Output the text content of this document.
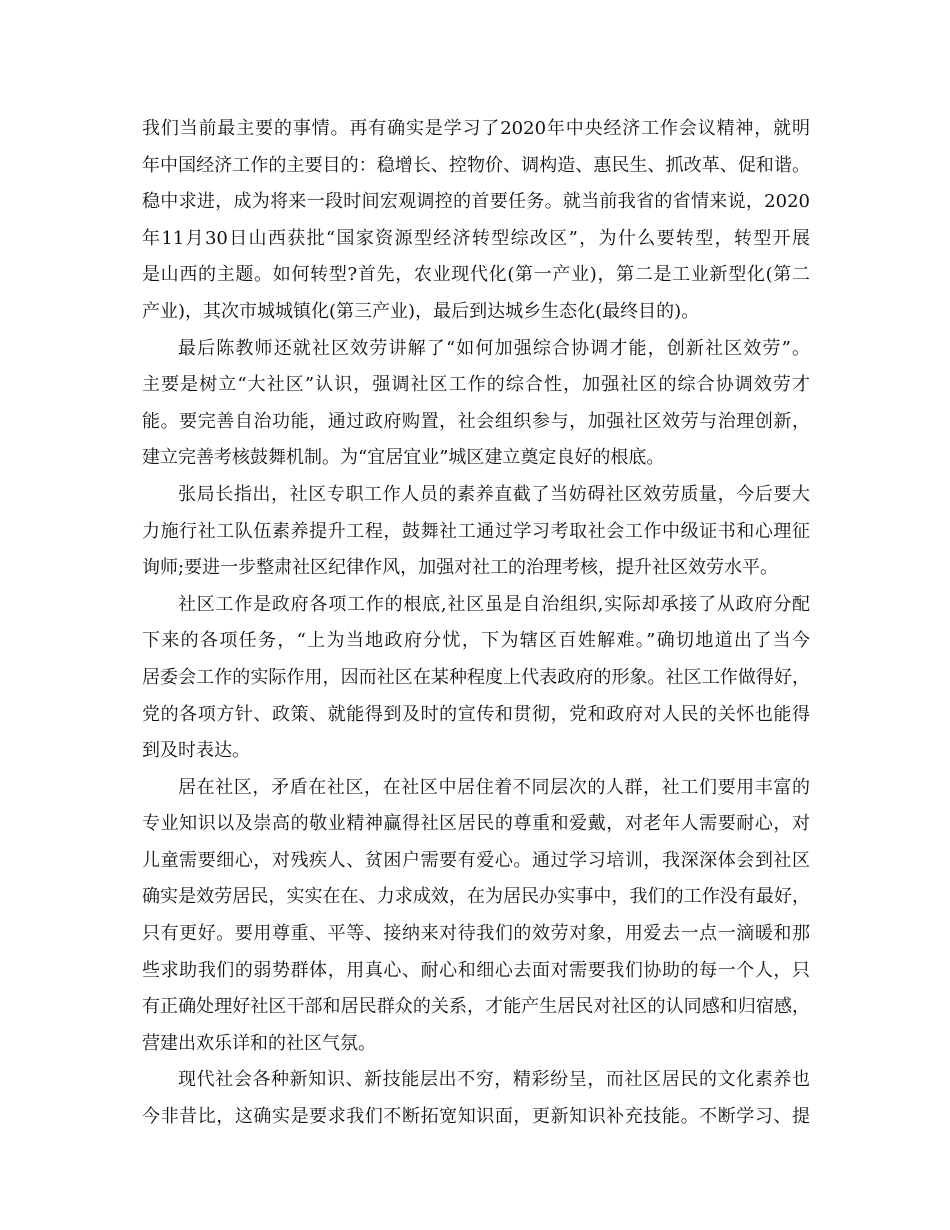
我们当前最主要的事情。再有确实是学习了2020年中央经济工作会议精神，就明
年中国经济工作的主要目的：稳增长、控物价、调构造、惠民生、抓改革、促和谐。
稳中求进，成为将来一段时间宏观调控的首要任务。就当前我省的省情来说，2020
年11月30日山西获批“国家资源型经济转型综改区”，为什么要转型，转型开展
是山西的主题。如何转型?首先，农业现代化(第一产业)，第二是工业新型化(第二
产业)，其次市城城镇化(第三产业)，最后到达城乡生态化(最终目的)。
最后陈教师还就社区效劳讲解了“如何加强综合协调才能，创新社区效劳”。
主要是树立“大社区”认识，强调社区工作的综合性，加强社区的综合协调效劳才
能。要完善自治功能，通过政府购置，社会组织参与，加强社区效劳与治理创新，
建立完善考核鼓舞机制。为“宜居宜业”城区建立奠定良好的根底。
张局长指出，社区专职工作人员的素养直截了当妨碍社区效劳质量，今后要大
力施行社工队伍素养提升工程，鼓舞社工通过学习考取社会工作中级证书和心理征
询师;要进一步整肃社区纪律作风，加强对社工的治理考核，提升社区效劳水平。
社区工作是政府各项工作的根底,社区虽是自治组织,实际却承接了从政府分配
下来的各项任务，“上为当地政府分忧，下为辖区百姓解难。”确切地道出了当今
居委会工作的实际作用，因而社区在某种程度上代表政府的形象。社区工作做得好，
党的各项方针、政策、就能得到及时的宣传和贯彻，党和政府对人民的关怀也能得
到及时表达。
居在社区，矛盾在社区，在社区中居住着不同层次的人群，社工们要用丰富的
专业知识以及崇高的敬业精神赢得社区居民的尊重和爱戴，对老年人需要耐心，对
儿童需要细心，对残疾人、贫困户需要有爱心。通过学习培训，我深深体会到社区
确实是效劳居民，实实在在、力求成效，在为居民办实事中，我们的工作没有最好，
只有更好。要用尊重、平等、接纳来对待我们的效劳对象，用爱去一点一滴暖和那
些求助我们的弱势群体，用真心、耐心和细心去面对需要我们协助的每一个人，只
有正确处理好社区干部和居民群众的关系，才能产生居民对社区的认同感和归宿感，
营建出欢乐详和的社区气氛。
现代社会各种新知识、新技能层出不穷，精彩纷呈，而社区居民的文化素养也
今非昔比，这确实是要求我们不断拓宽知识面，更新知识补充技能。不断学习、提
